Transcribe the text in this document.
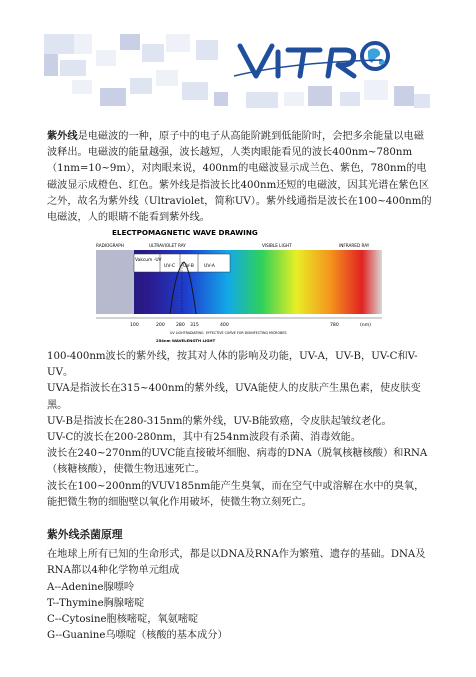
紫外线是电磁波的一种，原子中的电子从高能阶跳到低能阶时，会把多余能量以电磁波释出。电磁波的能量越强，波长越短，人类肉眼能看见的波长400nm~780nm（1nm=10~9m），对肉眼来说，400nm的电磁波显示成兰色、紫色，780nm的电磁波显示成橙色、红色。紫外线是指波长比400nm还短的电磁波，因其光谱在紫色区之外，故名为紫外线（Ultraviolet，简称UV）。紫外线通指是波长在100~400nm的电磁波，人的眼睛不能看到紫外线。

ELECTPOMAGNETIC WAVE DRAWING
RADIOGRAPH	ULTRAVIOLET RAY	VISIBLE LIGHT	INFRARED RAY
Vakcum -UV
UV-C UV-B UV-A
100	200 280 315	400	780	(nm)
UV LIGHTRADIATING EFFECTIVE CURVE FOR DISINFECTING MICROBES
254nm WAVELENGTH LIGHT

100-400nm波长的紫外线，按其对人体的影响及功能，UV-A，UV-B，UV-C和V-UV。

UVA是指波长在315~400nm的紫外线，UVA能使人的皮肤产生黑色素，使皮肤变黑。

UV-B是指波长在280-315nm的紫外线，UV-B能致癌，令皮肤起皱纹老化。

UV-C的波长在200-280nm，其中有254nm波段有杀菌、消毒效能。

波长在240~270nm的UVC能直接破坏细胞、病毒的DNA（脱氧核糖核酸）和RNA（核糖核酸），使微生物迅速死亡。

波长在100~200nm的VUV185nm能产生臭氧，而在空气中或溶解在水中的臭氧，能把微生物的细胞壁以氧化作用破坏，使微生物立刻死亡。

紫外线杀菌原理

在地球上所有已知的生命形式，都是以DNA及RNA作为繁殖、遗存的基础。DNA及RNA都以4种化学物单元组成

A--Adenine腺嘌呤

T--Thymine胸腺嘧啶

C--Cytosine胞核嘧啶，氧氨嘧啶

G--Guanine乌嘌啶（核酸的基本成分）
